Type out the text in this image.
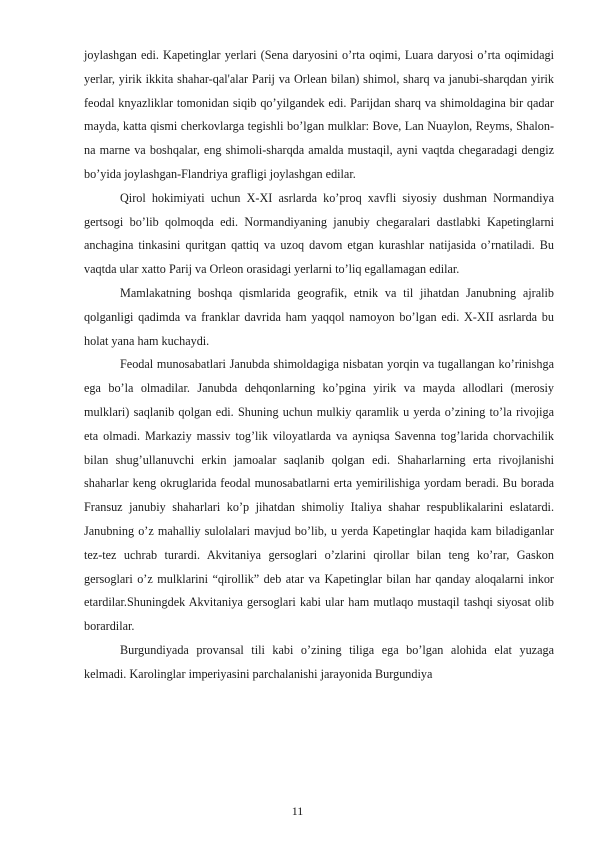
joylashgan edi. Kapetinglar yerlari (Sena daryosini o’rta oqimi, Luara daryosi o’rta oqimidagi yerlar, yirik ikkita shahar-qal'alar Parij va Orlean bilan) shimol, sharq va janubi-sharqdan yirik feodal knyazliklar tomonidan siqib qo’yilgandek edi. Parijdan sharq va shimoldagina bir qadar mayda, katta qismi cherkovlarga tegishli bo’lgan mulklar: Bove, Lan Nuaylon, Reyms, Shalon-na marne va boshqalar, eng shimoli-sharqda amalda mustaqil, ayni vaqtda chegaradagi dengiz bo’yida joylashgan-Flandriya grafligi joylashgan edilar.

Qirol hokimiyati uchun X-XI asrlarda ko’proq xavfli siyosiy dushman Normandiya gertsogi bo’lib qolmoqda edi. Normandiyaning janubiy chegaralari dastlabki Kapetinglarni anchagina tinkasini quritgan qattiq va uzoq davom etgan kurashlar natijasida o’rnatiladi. Bu vaqtda ular xatto Parij va Orleon orasidagi yerlarni to’liq egallamagan edilar.

Mamlakatning boshqa qismlarida geografik, etnik va til jihatdan Janubning ajralib qolganligi qadimda va franklar davrida ham yaqqol namoyon bo’lgan edi. X-XII asrlarda bu holat yana ham kuchaydi.

Feodal munosabatlari Janubda shimoldagiga nisbatan yorqin va tugallangan ko’rinishga ega bo’la olmadilar. Janubda dehqonlarning ko’pgina yirik va mayda allodlari (merosiy mulklari) saqlanib qolgan edi. Shuning uchun mulkiy qaramlik u yerda o’zining to’la rivojiga eta olmadi. Markaziy massiv tog’lik viloyatlarda va ayniqsa Savenna tog’larida chorvachilik bilan shug’ullanuvchi erkin jamoalar saqlanib qolgan edi. Shaharlarning erta rivojlanishi shaharlar keng okruglarida feodal munosabatlarni erta yemirilishiga yordam beradi. Bu borada Fransuz janubiy shaharlari ko’p jihatdan shimoliy Italiya shahar respublikalarini eslatardi. Janubning o’z mahalliy sulolalari mavjud bo’lib, u yerda Kapetinglar haqida kam biladiganlar tez-tez uchrab turardi. Akvitaniya gersoglari o’zlarini qirollar bilan teng ko’rar, Gaskon gersoglari o’z mulklarini “qirollik” deb atar va Kapetinglar bilan har qanday aloqalarni inkor etardilar.Shuningdek Akvitaniya gersoglari kabi ular ham mutlaqo mustaqil tashqi siyosat olib borardilar.

Burgundiyada provansal tili kabi o’zining tiliga ega bo’lgan alohida elat yuzaga kelmadi. Karolinglar imperiyasini parchalanishi jarayonida Burgundiya

11
